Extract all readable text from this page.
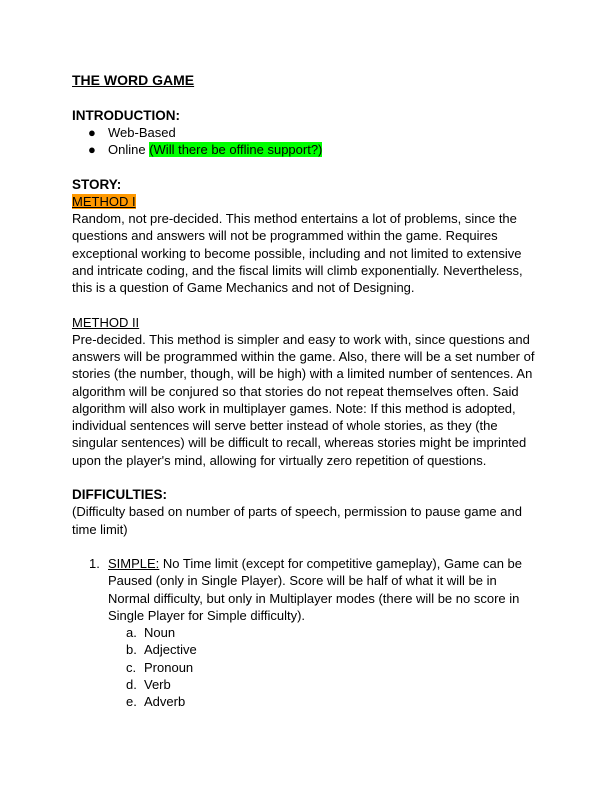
THE WORD GAME
INTRODUCTION:
● Web-Based
● Online (Will there be offline support?)
STORY:
METHOD I
Random, not pre-decided. This method entertains a lot of problems, since the
questions and answers will not be programmed within the game. Requires
exceptional working to become possible, including and not limited to extensive
and intricate coding, and the fiscal limits will climb exponentially. Nevertheless,
this is a question of Game Mechanics and not of Designing.
METHOD II
Pre-decided. This method is simpler and easy to work with, since questions and
answers will be programmed within the game. Also, there will be a set number of
stories (the number, though, will be high) with a limited number of sentences. An
algorithm will be conjured so that stories do not repeat themselves often. Said
algorithm will also work in multiplayer games. Note: If this method is adopted,
individual sentences will serve better instead of whole stories, as they (the
singular sentences) will be difficult to recall, whereas stories might be imprinted
upon the player's mind, allowing for virtually zero repetition of questions.
DIFFICULTIES:
(Difficulty based on number of parts of speech, permission to pause game and
time limit)
1. SIMPLE: No Time limit (except for competitive gameplay), Game can be
Paused (only in Single Player). Score will be half of what it will be in
Normal difficulty, but only in Multiplayer modes (there will be no score in
Single Player for Simple difficulty).
a. Noun
b. Adjective
c. Pronoun
d. Verb
e. Adverb
